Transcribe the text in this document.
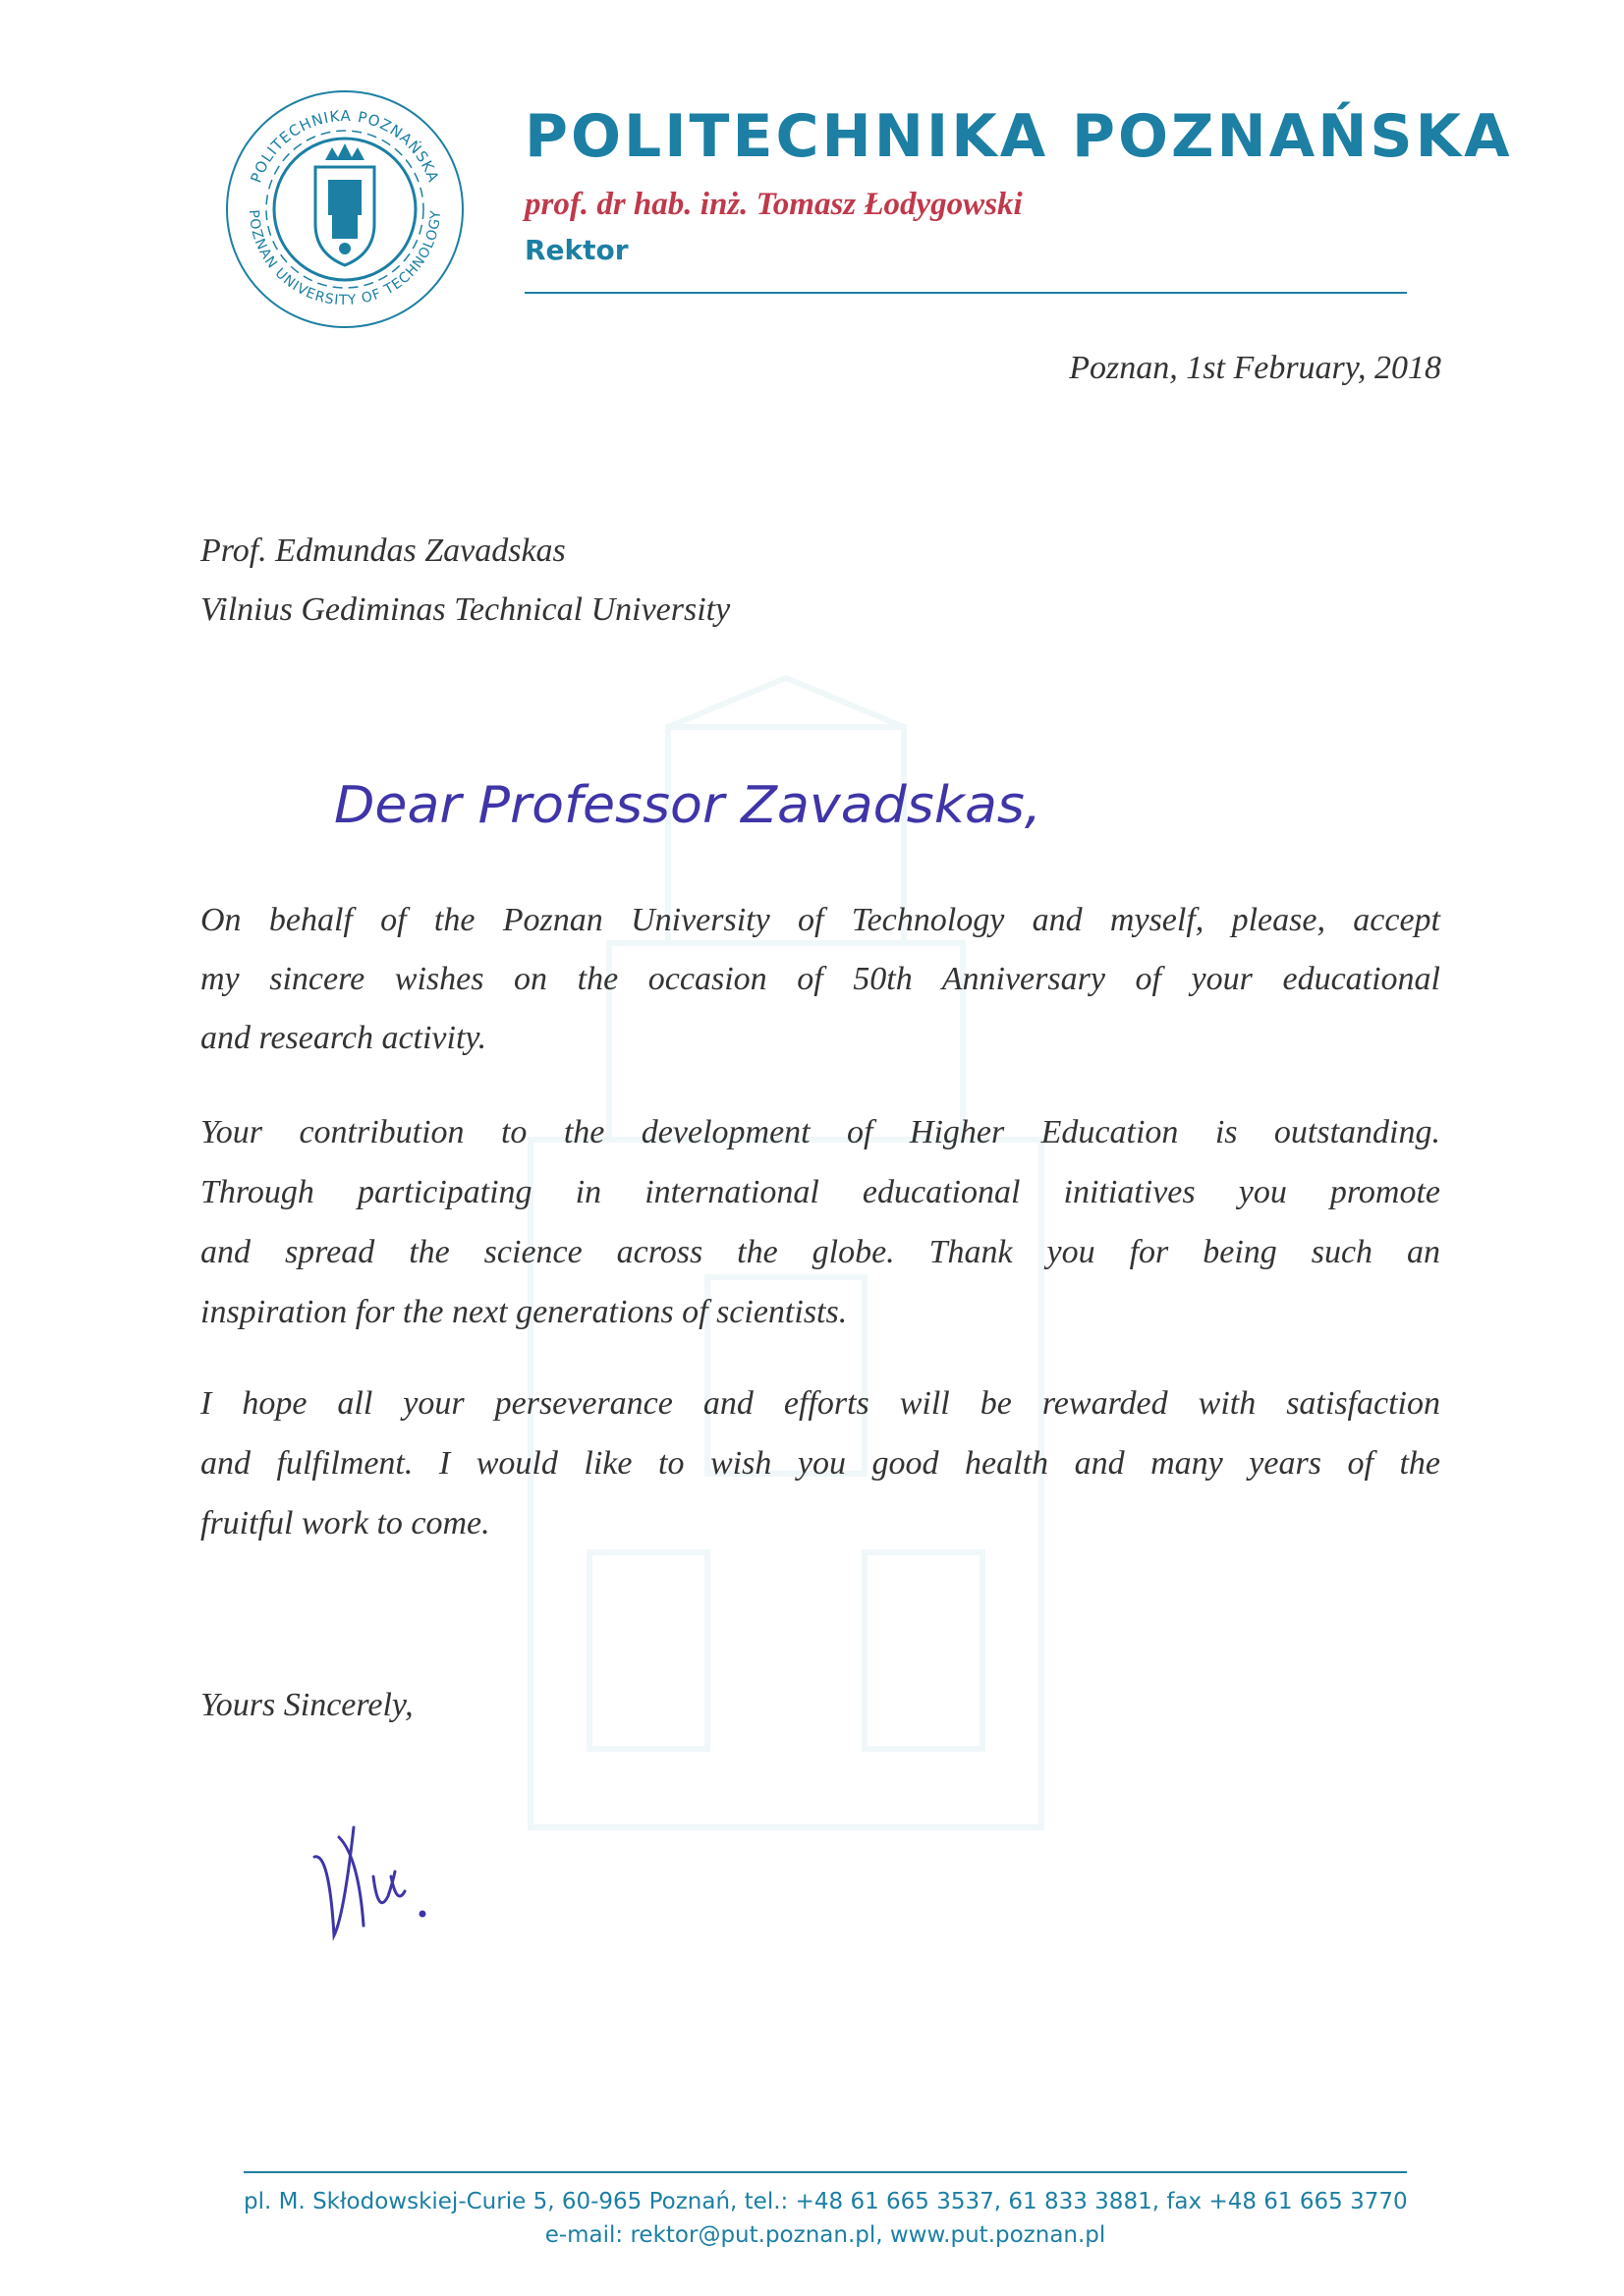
POLITECHNIKA POZNAŃSKA
POZNAN UNIVERSITY OF TECHNOLOGY
POLITECHNIKA POZNAŃSKA
prof. dr hab. inż. Tomasz Łodygowski
Rektor
Poznan, 1st February, 2018
Prof. Edmundas Zavadskas
Vilnius Gediminas Technical University
Dear Professor Zavadskas,
On behalf of the Poznan University of Technology and myself, please, accept
my sincere wishes on the occasion of 50th Anniversary of your educational
and research activity.
Your contribution to the development of Higher Education is outstanding.
Through participating in international educational initiatives you promote
and spread the science across the globe. Thank you for being such an
inspiration for the next generations of scientists.
I hope all your perseverance and efforts will be rewarded with satisfaction
and fulfilment. I would like to wish you good health and many years of the
fruitful work to come.
Yours Sincerely,
pl. M. Skłodowskiej-Curie 5, 60-965 Poznań, tel.: +48 61 665 3537, 61 833 3881, fax +48 61 665 3770
e-mail: rektor@put.poznan.pl, www.put.poznan.pl
